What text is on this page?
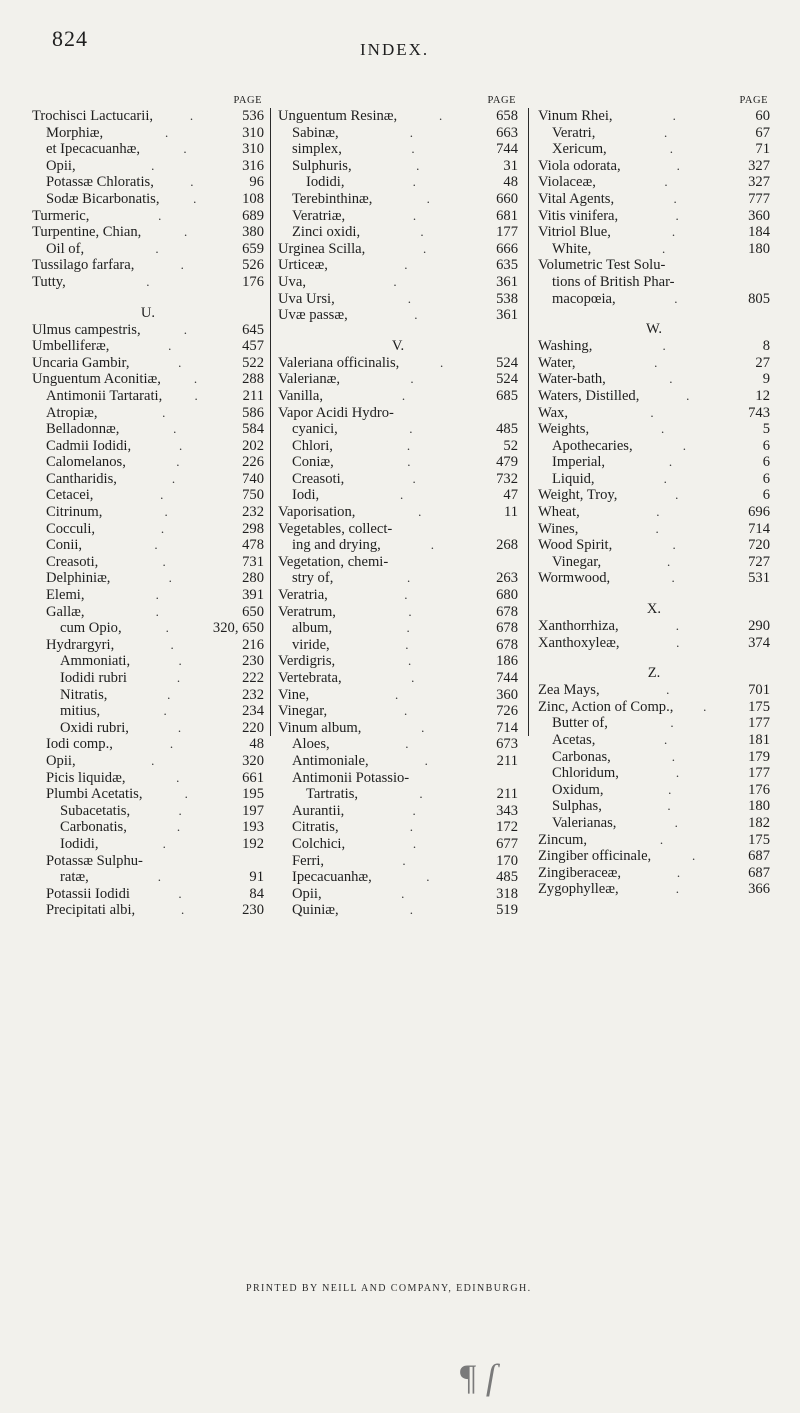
824	INDEX.
PAGE
Trochisci Lactucarii,	.	536
Morphiæ,	.	310
et Ipecacuanhæ,	.	310
Opii,	.	316
Potassæ Chloratis,	.	96
Sodæ Bicarbonatis,	.	108
Turmeric,	.	689
Turpentine, Chian,	.	380
Oil of,	.	659
Tussilago farfara,	.	526
Tutty,	.	176
U.
Ulmus campestris,	.	645
Umbelliferæ,	.	457
Uncaria Gambir,	.	522
Unguentum Aconitiæ,	.	288
Antimonii Tartarati,	.	211
Atropiæ,	.	586
Belladonnæ,	.	584
Cadmii Iodidi,	.	202
Calomelanos,	.	226
Cantharidis,	.	740
Cetacei,	.	750
Citrinum,	.	232
Cocculi,	.	298
Conii,	.	478
Creasoti,	.	731
Delphiniæ,	.	280
Elemi,	.	391
Gallæ,	.	650
cum Opio,	.	320, 650
Hydrargyri,	.	216
Ammoniati,	.	230
Iodidi rubri	.	222
Nitratis,	.	232
mitius,	.	234
Oxidi rubri,	.	220
Iodi comp.,	.	48
Opii,	.	320
Picis liquidæ,	.	661
Plumbi Acetatis,	.	195
Subacetatis,	.	197
Carbonatis,	.	193
Iodidi,	.	192
Potassæ Sulphu-
ratæ,	.	91
Potassii Iodidi	.	84
Precipitati albi,	.	230
PAGE
Unguentum Resinæ,	.	658
Sabinæ,	.	663
simplex,	.	744
Sulphuris,	.	31
Iodidi,	.	48
Terebinthinæ,	.	660
Veratriæ,	.	681
Zinci oxidi,	.	177
Urginea Scilla,	.	666
Urticeæ,	.	635
Uva,	.	361
Uva Ursi,	.	538
Uvæ passæ,	.	361
V.
Valeriana officinalis,	.	524
Valerianæ,	.	524
Vanilla,	.	685
Vapor Acidi Hydro-
cyanici,	.	485
Chlori,	.	52
Coniæ,	.	479
Creasoti,	.	732
Iodi,	.	47
Vaporisation,	.	11
Vegetables, collect-
ing and drying,	.	268
Vegetation, chemi-
stry of,	.	263
Veratria,	.	680
Veratrum,	.	678
album,	.	678
viride,	.	678
Verdigris,	.	186
Vertebrata,	.	744
Vine,	.	360
Vinegar,	.	726
Vinum album,	.	714
Aloes,	.	673
Antimoniale,	.	211
Antimonii Potassio-
Tartratis,	.	211
Aurantii,	.	343
Citratis,	.	172
Colchici,	.	677
Ferri,	.	170
Ipecacuanhæ,	.	485
Opii,	.	318
Quiniæ,	.	519
PAGE
Vinum Rhei,	.	60
Veratri,	.	67
Xericum,	.	71
Viola odorata,	.	327
Violaceæ,	.	327
Vital Agents,	.	777
Vitis vinifera,	.	360
Vitriol Blue,	.	184
White,	.	180
Volumetric Test Solu-
tions of British Phar-
macopœia,	.	805
W.
Washing,	.	8
Water,	.	27
Water-bath,	.	9
Waters, Distilled,	.	12
Wax,	.	743
Weights,	.	5
Apothecaries,	.	6
Imperial,	.	6
Liquid,	.	6
Weight, Troy,	.	6
Wheat,	.	696
Wines,	.	714
Wood Spirit,	.	720
Vinegar,	.	727
Wormwood,	.	531
X.
Xanthorrhiza,	.	290
Xanthoxyleæ,	.	374
Z.
Zea Mays,	.	701
Zinc, Action of Comp.,	.	175
Butter of,	.	177
Acetas,	.	181
Carbonas,	.	179
Chloridum,	.	177
Oxidum,	.	176
Sulphas,	.	180
Valerianas,	.	182
Zincum,	.	175
Zingiber officinale,	.	687
Zingiberaceæ,	.	687
Zygophylleæ,	.	366
PRINTED BY NEILL AND COMPANY, EDINBURGH.
¶ ſ
